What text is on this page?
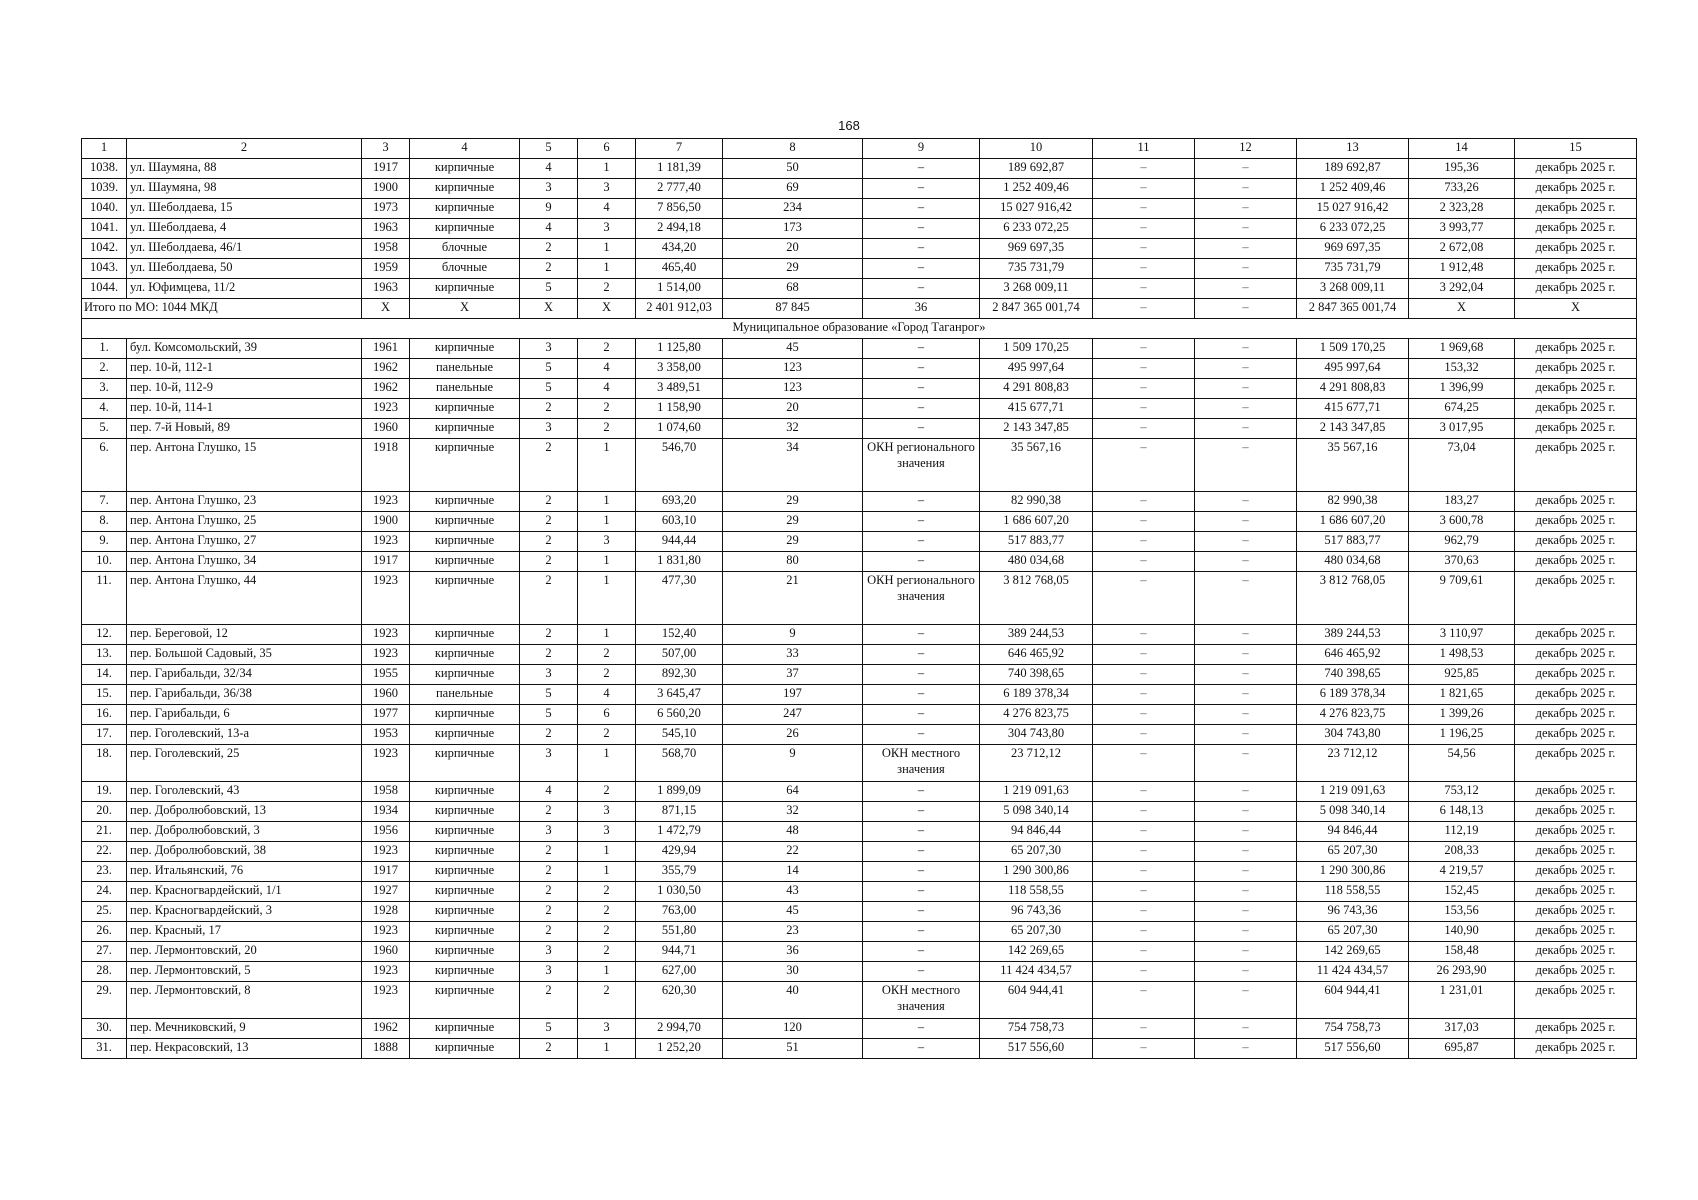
168
1	2	3	4	5	6	7	8	9	10	11	12	13	14	15
1038.	ул. Шаумяна, 88	1917	кирпичные	4	1	1 181,39	50	–	189 692,87	–	–	189 692,87	195,36	декабрь 2025 г.
1039.	ул. Шаумяна, 98	1900	кирпичные	3	3	2 777,40	69	–	1 252 409,46	–	–	1 252 409,46	733,26	декабрь 2025 г.
1040.	ул. Шеболдаева, 15	1973	кирпичные	9	4	7 856,50	234	–	15 027 916,42	–	–	15 027 916,42	2 323,28	декабрь 2025 г.
1041.	ул. Шеболдаева, 4	1963	кирпичные	4	3	2 494,18	173	–	6 233 072,25	–	–	6 233 072,25	3 993,77	декабрь 2025 г.
1042.	ул. Шеболдаева, 46/1	1958	блочные	2	1	434,20	20	–	969 697,35	–	–	969 697,35	2 672,08	декабрь 2025 г.
1043.	ул. Шеболдаева, 50	1959	блочные	2	1	465,40	29	–	735 731,79	–	–	735 731,79	1 912,48	декабрь 2025 г.
1044.	ул. Юфимцева, 11/2	1963	кирпичные	5	2	1 514,00	68	–	3 268 009,11	–	–	3 268 009,11	3 292,04	декабрь 2025 г.
Итого по МО: 1044 МКД		X	X	X	X	2 401 912,03	87 845	36	2 847 365 001,74	–	–	2 847 365 001,74	X	X
Муниципальное образование «Город Таганрог»														
1.	бул. Комсомольский, 39	1961	кирпичные	3	2	1 125,80	45	–	1 509 170,25	–	–	1 509 170,25	1 969,68	декабрь 2025 г.
2.	пер. 10-й, 112-1	1962	панельные	5	4	3 358,00	123	–	495 997,64	–	–	495 997,64	153,32	декабрь 2025 г.
3.	пер. 10-й, 112-9	1962	панельные	5	4	3 489,51	123	–	4 291 808,83	–	–	4 291 808,83	1 396,99	декабрь 2025 г.
4.	пер. 10-й, 114-1	1923	кирпичные	2	2	1 158,90	20	–	415 677,71	–	–	415 677,71	674,25	декабрь 2025 г.
5.	пер. 7-й Новый, 89	1960	кирпичные	3	2	1 074,60	32	–	2 143 347,85	–	–	2 143 347,85	3 017,95	декабрь 2025 г.
6.	пер. Антона Глушко, 15	1918	кирпичные	2	1	546,70	34	ОКН регионального значения	35 567,16	–	–	35 567,16	73,04	декабрь 2025 г.
7.	пер. Антона Глушко, 23	1923	кирпичные	2	1	693,20	29	–	82 990,38	–	–	82 990,38	183,27	декабрь 2025 г.
8.	пер. Антона Глушко, 25	1900	кирпичные	2	1	603,10	29	–	1 686 607,20	–	–	1 686 607,20	3 600,78	декабрь 2025 г.
9.	пер. Антона Глушко, 27	1923	кирпичные	2	3	944,44	29	–	517 883,77	–	–	517 883,77	962,79	декабрь 2025 г.
10.	пер. Антона Глушко, 34	1917	кирпичные	2	1	1 831,80	80	–	480 034,68	–	–	480 034,68	370,63	декабрь 2025 г.
11.	пер. Антона Глушко, 44	1923	кирпичные	2	1	477,30	21	ОКН регионального значения	3 812 768,05	–	–	3 812 768,05	9 709,61	декабрь 2025 г.
12.	пер. Береговой, 12	1923	кирпичные	2	1	152,40	9	–	389 244,53	–	–	389 244,53	3 110,97	декабрь 2025 г.
13.	пер. Большой Садовый, 35	1923	кирпичные	2	2	507,00	33	–	646 465,92	–	–	646 465,92	1 498,53	декабрь 2025 г.
14.	пер. Гарибальди, 32/34	1955	кирпичные	3	2	892,30	37	–	740 398,65	–	–	740 398,65	925,85	декабрь 2025 г.
15.	пер. Гарибальди, 36/38	1960	панельные	5	4	3 645,47	197	–	6 189 378,34	–	–	6 189 378,34	1 821,65	декабрь 2025 г.
16.	пер. Гарибальди, 6	1977	кирпичные	5	6	6 560,20	247	–	4 276 823,75	–	–	4 276 823,75	1 399,26	декабрь 2025 г.
17.	пер. Гоголевский, 13-а	1953	кирпичные	2	2	545,10	26	–	304 743,80	–	–	304 743,80	1 196,25	декабрь 2025 г.
18.	пер. Гоголевский, 25	1923	кирпичные	3	1	568,70	9	ОКН местного значения	23 712,12	–	–	23 712,12	54,56	декабрь 2025 г.
19.	пер. Гоголевский, 43	1958	кирпичные	4	2	1 899,09	64	–	1 219 091,63	–	–	1 219 091,63	753,12	декабрь 2025 г.
20.	пер. Добролюбовский, 13	1934	кирпичные	2	3	871,15	32	–	5 098 340,14	–	–	5 098 340,14	6 148,13	декабрь 2025 г.
21.	пер. Добролюбовский, 3	1956	кирпичные	3	3	1 472,79	48	–	94 846,44	–	–	94 846,44	112,19	декабрь 2025 г.
22.	пер. Добролюбовский, 38	1923	кирпичные	2	1	429,94	22	–	65 207,30	–	–	65 207,30	208,33	декабрь 2025 г.
23.	пер. Итальянский, 76	1917	кирпичные	2	1	355,79	14	–	1 290 300,86	–	–	1 290 300,86	4 219,57	декабрь 2025 г.
24.	пер. Красногвардейский, 1/1	1927	кирпичные	2	2	1 030,50	43	–	118 558,55	–	–	118 558,55	152,45	декабрь 2025 г.
25.	пер. Красногвардейский, 3	1928	кирпичные	2	2	763,00	45	–	96 743,36	–	–	96 743,36	153,56	декабрь 2025 г.
26.	пер. Красный, 17	1923	кирпичные	2	2	551,80	23	–	65 207,30	–	–	65 207,30	140,90	декабрь 2025 г.
27.	пер. Лермонтовский, 20	1960	кирпичные	3	2	944,71	36	–	142 269,65	–	–	142 269,65	158,48	декабрь 2025 г.
28.	пер. Лермонтовский, 5	1923	кирпичные	3	1	627,00	30	–	11 424 434,57	–	–	11 424 434,57	26 293,90	декабрь 2025 г.
29.	пер. Лермонтовский, 8	1923	кирпичные	2	2	620,30	40	ОКН местного значения	604 944,41	–	–	604 944,41	1 231,01	декабрь 2025 г.
30.	пер. Мечниковский, 9	1962	кирпичные	5	3	2 994,70	120	–	754 758,73	–	–	754 758,73	317,03	декабрь 2025 г.
31.	пер. Некрасовский, 13	1888	кирпичные	2	1	1 252,20	51	–	517 556,60	–	–	517 556,60	695,87	декабрь 2025 г.
